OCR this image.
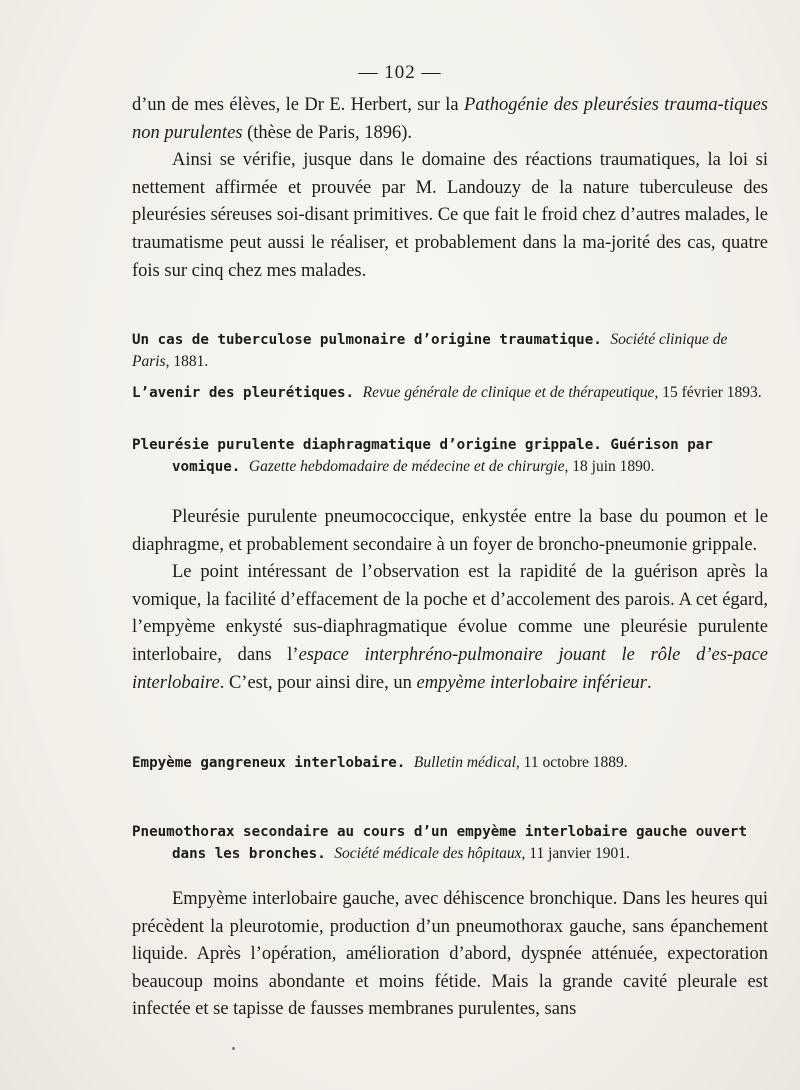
— 102 —

d’un de mes élèves, le Dr E. Herbert, sur la Pathogénie des pleurésies trauma-tiques non purulentes (thèse de Paris, 1896).

Ainsi se vérifie, jusque dans le domaine des réactions traumatiques, la loi si nettement affirmée et prouvée par M. Landouzy de la nature tuberculeuse des pleurésies séreuses soi-disant primitives. Ce que fait le froid chez d’autres malades, le traumatisme peut aussi le réaliser, et probablement dans la ma-jorité des cas, quatre fois sur cinq chez mes malades.

Un cas de tuberculose pulmonaire d’origine traumatique. Société clinique de Paris, 1881.

L’avenir des pleurétiques. Revue générale de clinique et de thérapeutique, 15 février 1893.

Pleurésie purulente diaphragmatique d’origine grippale. Guérison par vomique. Gazette hebdomadaire de médecine et de chirurgie, 18 juin 1890.

Pleurésie purulente pneumococcique, enkystée entre la base du poumon et le diaphragme, et probablement secondaire à un foyer de broncho-pneumonie grippale.

Le point intéressant de l’observation est la rapidité de la guérison après la vomique, la facilité d’effacement de la poche et d’accolement des parois. A cet égard, l’empyème enkysté sus-diaphragmatique évolue comme une pleurésie purulente interlobaire, dans l’espace interphréno-pulmonaire jouant le rôle d’es-pace interlobaire. C’est, pour ainsi dire, un empyème interlobaire inférieur.

Empyème gangreneux interlobaire. Bulletin médical, 11 octobre 1889.

Pneumothorax secondaire au cours d’un empyème interlobaire gauche ouvert dans les bronches. Société médicale des hôpitaux, 11 janvier 1901.

Empyème interlobaire gauche, avec déhiscence bronchique. Dans les heures qui précèdent la pleurotomie, production d’un pneumothorax gauche, sans épanchement liquide. Après l’opération, amélioration d’abord, dyspnée atténuée, expectoration beaucoup moins abondante et moins fétide. Mais la grande cavité pleurale est infectée et se tapisse de fausses membranes purulentes, sans
